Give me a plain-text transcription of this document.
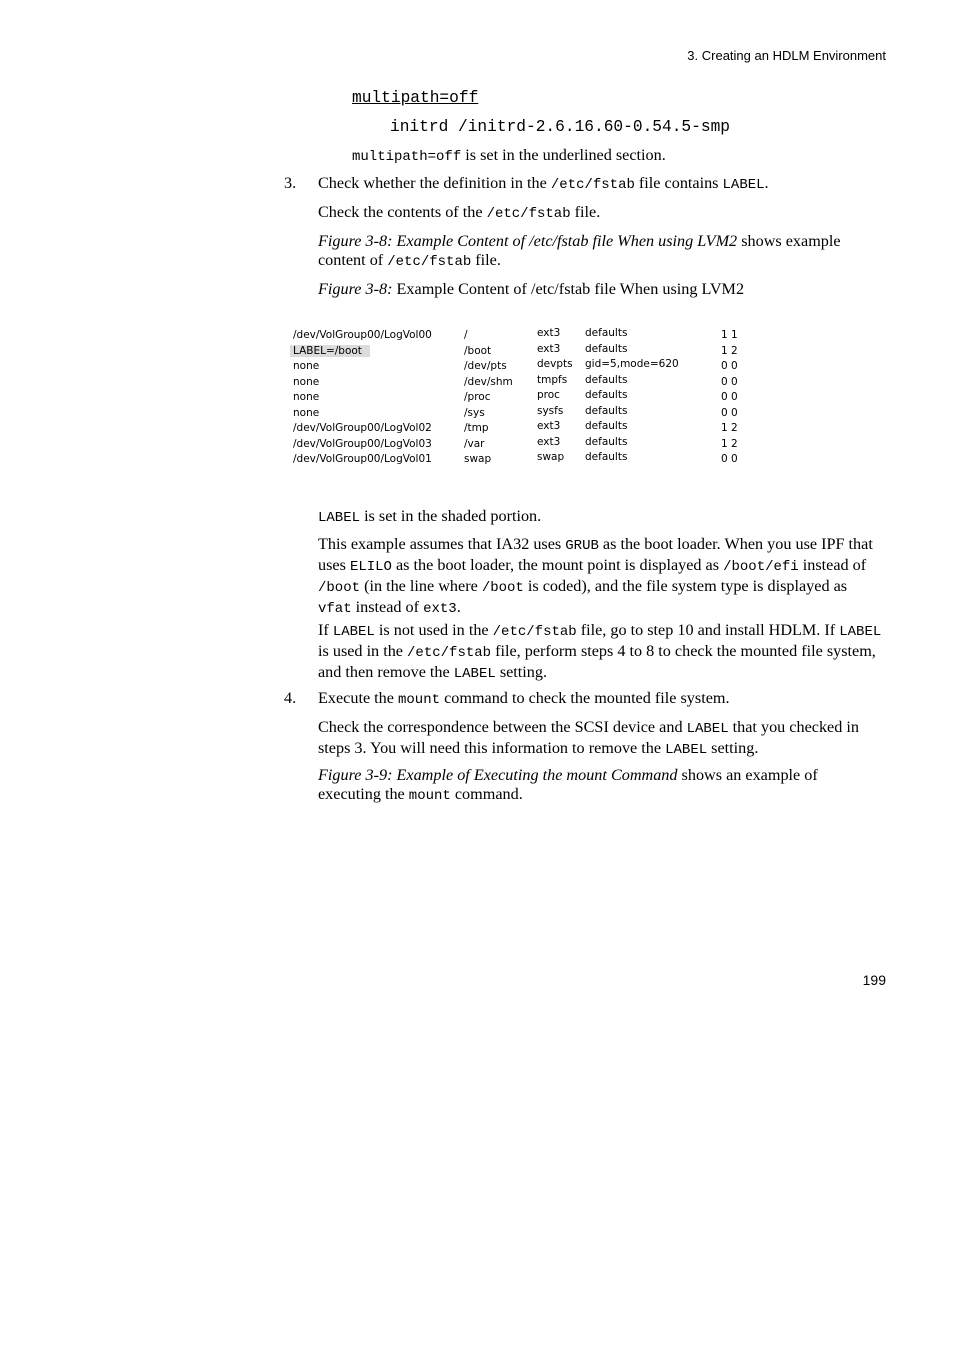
3. Creating an HDLM Environment
multipath=off
initrd /initrd-2.6.16.60-0.54.5-smp
multipath=off is set in the underlined section.
3. Check whether the definition in the /etc/fstab file contains LABEL.
Check the contents of the /etc/fstab file.
Figure 3-8: Example Content of /etc/fstab file When using LVM2 shows example content of /etc/fstab file.
Figure 3-8: Example Content of /etc/fstab file When using LVM2
/dev/VolGroup00/LogVol00	/	ext3 defaults	1 1
LABEL=/boot	/boot	ext3 defaults	1 2
none	/dev/pts	devpts gid=5,mode=620	0 0
none	/dev/shm tmpfs defaults	0 0
none	/proc	proc defaults	0 0
none	/sys	sysfs defaults	0 0
/dev/VolGroup00/LogVol02	/tmp	ext3 defaults	1 2
/dev/VolGroup00/LogVol03	/var	ext3 defaults	1 2
/dev/VolGroup00/LogVol01	swap	swap defaults	0 0
LABEL is set in the shaded portion.
This example assumes that IA32 uses GRUB as the boot loader. When you use IPF that uses ELILO as the boot loader, the mount point is displayed as /boot/efi instead of /boot (in the line where /boot is coded), and the file system type is displayed as vfat instead of ext3.
If LABEL is not used in the /etc/fstab file, go to step 10 and install HDLM. If LABEL is used in the /etc/fstab file, perform steps 4 to 8 to check the mounted file system, and then remove the LABEL setting.
4. Execute the mount command to check the mounted file system.
Check the correspondence between the SCSI device and LABEL that you checked in steps 3. You will need this information to remove the LABEL setting.
Figure 3-9: Example of Executing the mount Command shows an example of executing the mount command.
199
